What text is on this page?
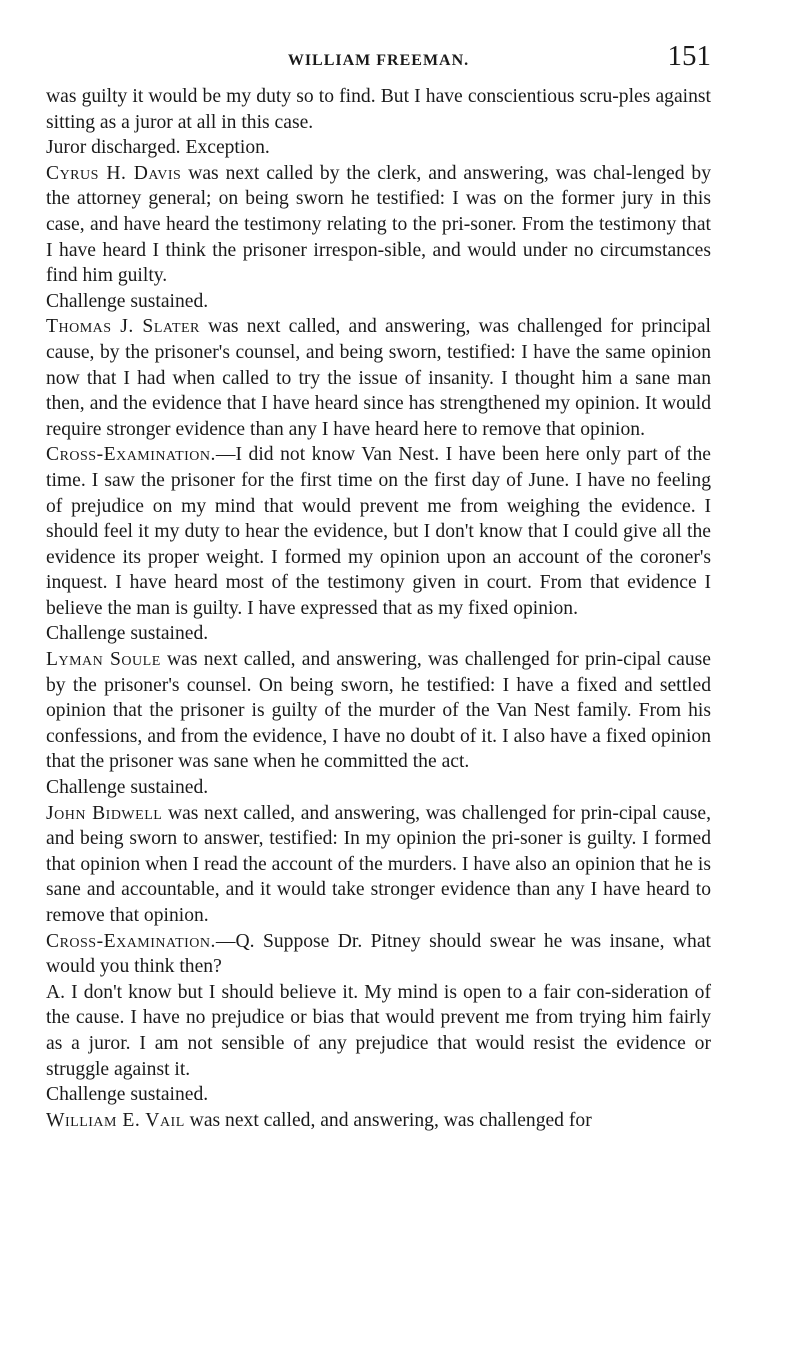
WILLIAM FREEMAN.	151

was guilty it would be my duty so to find. But I have conscientious scru-ples against sitting as a juror at all in this case.

Juror discharged. Exception.

Cyrus H. Davis was next called by the clerk, and answering, was chal-lenged by the attorney general; on being sworn he testified: I was on the former jury in this case, and have heard the testimony relating to the pri-soner. From the testimony that I have heard I think the prisoner irrespon-sible, and would under no circumstances find him guilty.

Challenge sustained.

Thomas J. Slater was next called, and answering, was challenged for principal cause, by the prisoner's counsel, and being sworn, testified: I have the same opinion now that I had when called to try the issue of insanity. I thought him a sane man then, and the evidence that I have heard since has strengthened my opinion. It would require stronger evidence than any I have heard here to remove that opinion.

Cross-Examination.—I did not know Van Nest. I have been here only part of the time. I saw the prisoner for the first time on the first day of June. I have no feeling of prejudice on my mind that would prevent me from weighing the evidence. I should feel it my duty to hear the evidence, but I don't know that I could give all the evidence its proper weight. I formed my opinion upon an account of the coroner's inquest. I have heard most of the testimony given in court. From that evidence I believe the man is guilty. I have expressed that as my fixed opinion.

Challenge sustained.

Lyman Soule was next called, and answering, was challenged for prin-cipal cause by the prisoner's counsel. On being sworn, he testified: I have a fixed and settled opinion that the prisoner is guilty of the murder of the Van Nest family. From his confessions, and from the evidence, I have no doubt of it. I also have a fixed opinion that the prisoner was sane when he committed the act.

Challenge sustained.

John Bidwell was next called, and answering, was challenged for prin-cipal cause, and being sworn to answer, testified: In my opinion the pri-soner is guilty. I formed that opinion when I read the account of the murders. I have also an opinion that he is sane and accountable, and it would take stronger evidence than any I have heard to remove that opinion.

Cross-Examination.—Q. Suppose Dr. Pitney should swear he was insane, what would you think then?

A. I don't know but I should believe it. My mind is open to a fair con-sideration of the cause. I have no prejudice or bias that would prevent me from trying him fairly as a juror. I am not sensible of any prejudice that would resist the evidence or struggle against it.

Challenge sustained.

William E. Vail was next called, and answering, was challenged for
